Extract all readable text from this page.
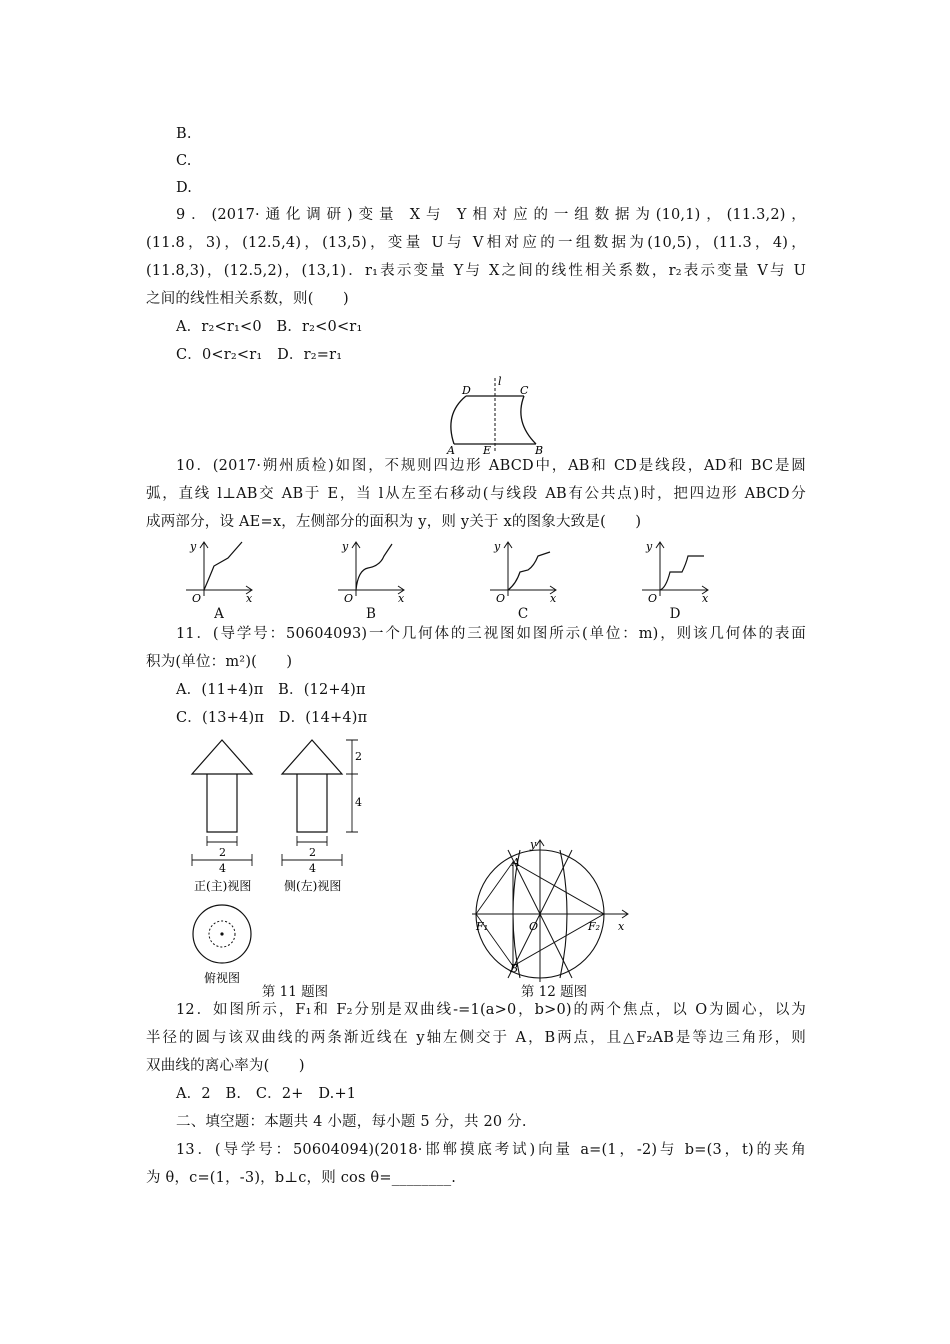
B.
C.
D.
9．(2017·通化调研)变量 X与 Y相对应的一组数据为(10,1)，(11.3,2)，
(11.8，3)，(12.5,4)，(13,5)，变量 U与 V相对应的一组数据为(10,5)，(11.3，4)，
(11.8,3)，(12.5,2)，(13,1)．r₁表示变量 Y与 X之间的线性相关系数，r₂表示变量 V与 U
之间的线性相关系数，则(　　)
A．r₂<r₁<0　B．r₂<0<r₁
C．0<r₂<r₁　D．r₂=r₁
D	C
l
A	E	B
10．(2017·朔州质检)如图，不规则四边形 ABCD中，AB和 CD是线段，AD和 BC是圆
弧，直线 l⊥AB交 AB于 E，当 l从左至右移动(与线段 AB有公共点)时，把四边形 ABCD分
成两部分，设 AE=x，左侧部分的面积为 y，则 y关于 x的图象大致是(　　)
y
x
O
y
x
O
y
x
O
y
x
O
A	B	C	D
11．(导学号：50604093)一个几何体的三视图如图所示(单位：m)，则该几何体的表面
积为(单位：m²)(　　)
A．(11+4)π　B．(12+4)π
C．(13+4)π　D．(14+4)π
2
4
正(主)视图
2
4
侧(左)视图
2
4
俯视图
第 11 题图
y
x
A
B
F₁	F₂
O
第 12 题图
12．如图所示，F₁和 F₂分别是双曲线-=1(a>0，b>0)的两个焦点，以 O为圆心，以为
半径的圆与该双曲线的两条渐近线在 y轴左侧交于 A，B两点，且△F₂AB是等边三角形，则
双曲线的离心率为(　　)
A．2　B.　C．2+　D.+1
二、填空题：本题共 4 小题，每小题 5 分，共 20 分.
13．(导学号：50604094)(2018·邯郸摸底考试)向量 a=(1，-2)与 b=(3，t)的夹角
为 θ，c=(1，-3)，b⊥c，则 cos θ=________.
